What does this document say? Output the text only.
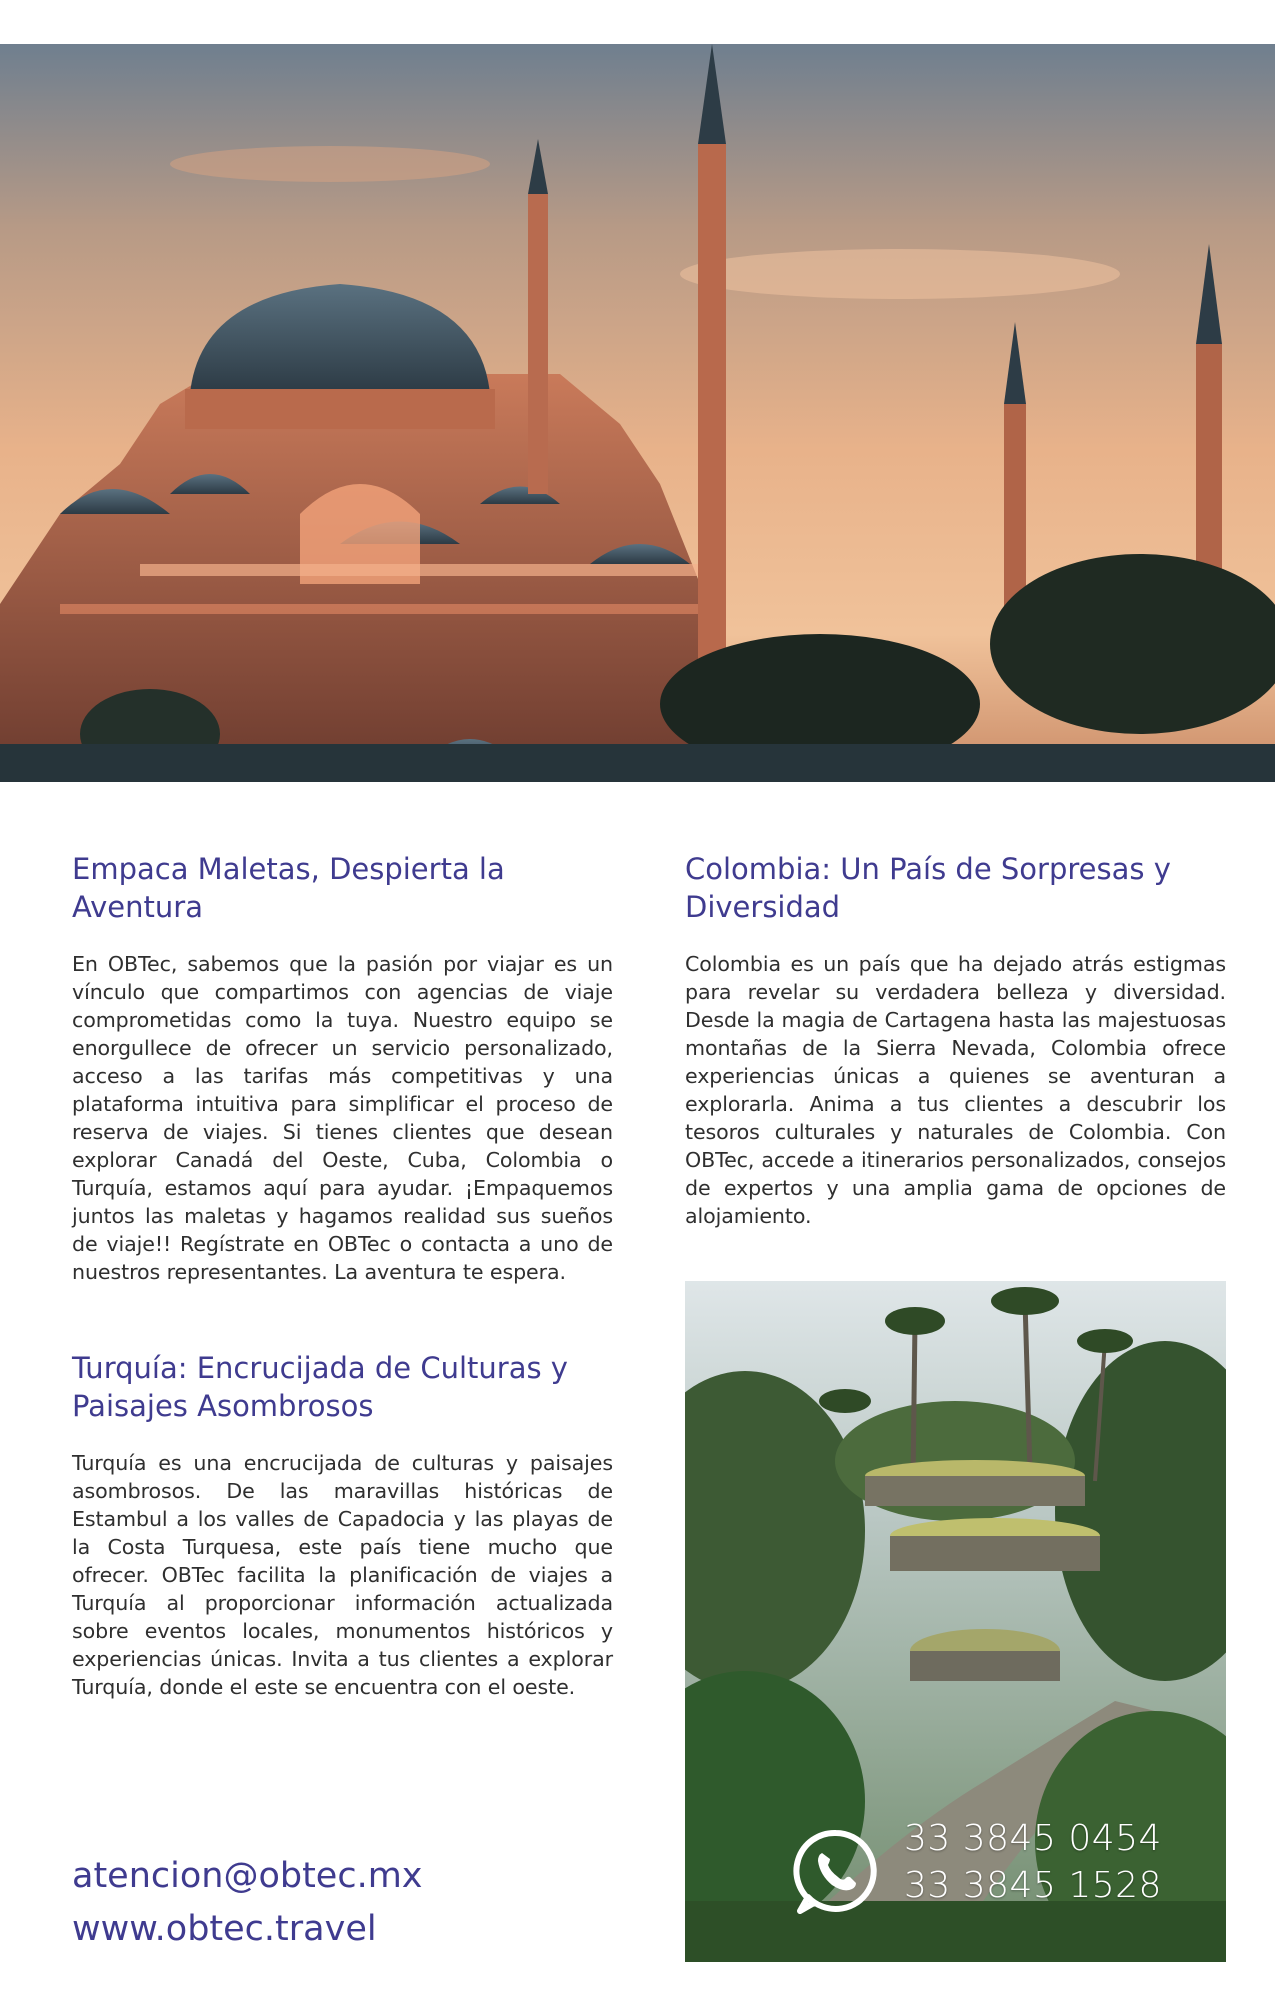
Empaca Maletas, Despierta la Aventura

En OBTec, sabemos que la pasión por viajar es un vínculo que compartimos con agencias de viaje comprometidas como la tuya. Nuestro equipo se enorgullece de ofrecer un servicio personalizado, acceso a las tarifas más competitivas y una plataforma intuitiva para simplificar el proceso de reserva de viajes. Si tienes clientes que desean explorar Canadá del Oeste, Cuba, Colombia o Turquía, estamos aquí para ayudar. ¡Empaquemos juntos las maletas y hagamos realidad sus sueños de viaje!! Regístrate en OBTec o contacta a uno de nuestros representantes. La aventura te espera.

Colombia: Un País de Sorpresas y Diversidad

Colombia es un país que ha dejado atrás estigmas para revelar su verdadera belleza y diversidad. Desde la magia de Cartagena hasta las majestuosas montañas de la Sierra Nevada, Colombia ofrece experiencias únicas a quienes se aventuran a explorarla. Anima a tus clientes a descubrir los tesoros culturales y naturales de Colombia. Con OBTec, accede a itinerarios personalizados, consejos de expertos y una amplia gama de opciones de alojamiento.

Turquía: Encrucijada de Culturas y Paisajes Asombrosos

Turquía es una encrucijada de culturas y paisajes asombrosos. De las maravillas históricas de Estambul a los valles de Capadocia y las playas de la Costa Turquesa, este país tiene mucho que ofrecer. OBTec facilita la planificación de viajes a Turquía al proporcionar información actualizada sobre eventos locales, monumentos históricos y experiencias únicas. Invita a tus clientes a explorar Turquía, donde el este se encuentra con el oeste.

33 3845 0454
33 3845 1528
atencion@obtec.mx
www.obtec.travel
